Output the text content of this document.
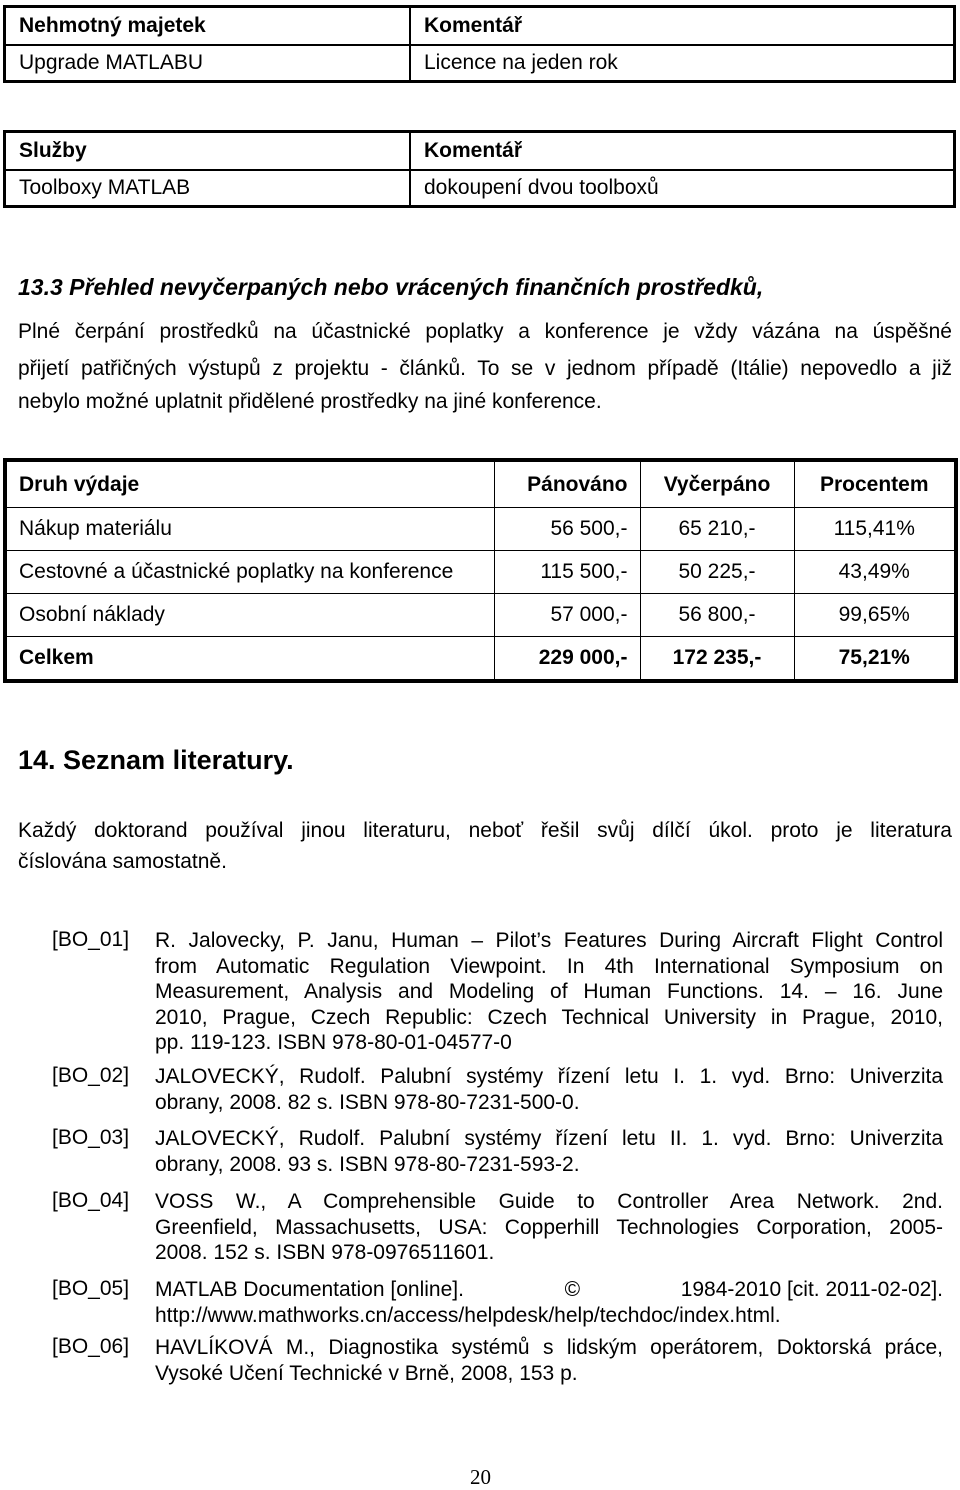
Nehmotný majetek	Komentář
Upgrade MATLABU	Licence na jeden rok
Služby	Komentář
Toolboxy MATLAB	dokoupení dvou toolboxů
13.3 Přehled nevyčerpaných nebo vrácených finančních prostředků,

Plné čerpání prostředků na účastnické poplatky a konference je vždy vázána na úspěšné

přijetí patřičných výstupů z projektu - článků. To se v jednom případě (Itálie) nepovedlo a již

nebylo možné uplatnit přidělené prostředky na jiné konference.

Druh výdaje	Pánováno	Vyčerpáno	Procentem
Nákup materiálu	56 500,-	65 210,-	115,41%
Cestovné a účastnické poplatky na konference	115 500,-	50 225,-	43,49%
Osobní náklady	57 000,-	56 800,-	99,65%
Celkem	229 000,-	172 235,-	75,21%
14. Seznam literatury.

Každý doktorand používal jinou literaturu, neboť řešil svůj dílčí úkol. proto je literatura

číslována samostatně.

[BO_01] R. Jalovecky, P. Janu, Human – Pilot’s Features During Aircraft Flight Control
from Automatic Regulation Viewpoint. In 4th International Symposium on
Measurement, Analysis and Modeling of Human Functions. 14. – 16. June
2010, Prague, Czech Republic: Czech Technical University in Prague, 2010,
pp. 119-123. ISBN 978-80-01-04577-0
[BO_02] JALOVECKÝ, Rudolf. Palubní systémy řízení letu I. 1. vyd. Brno: Univerzita
obrany, 2008. 82 s. ISBN 978-80-7231-500-0.
[BO_03] JALOVECKÝ, Rudolf. Palubní systémy řízení letu II. 1. vyd. Brno: Univerzita
obrany, 2008. 93 s. ISBN 978-80-7231-593-2.
[BO_04] VOSS W., A Comprehensible Guide to Controller Area Network. 2nd.
Greenfield, Massachusetts, USA: Copperhill Technologies Corporation, 2005-
2008. 152 s. ISBN 978-0976511601.
[BO_05] MATLAB Documentation [online].	©	1984-2010 [cit. 2011-02-02].
http://www.mathworks.cn/access/helpdesk/help/techdoc/index.html.
[BO_06] HAVLÍKOVÁ M., Diagnostika systémů s lidským operátorem, Doktorská práce,
Vysoké Učení Technické v Brně, 2008, 153 p.
20
